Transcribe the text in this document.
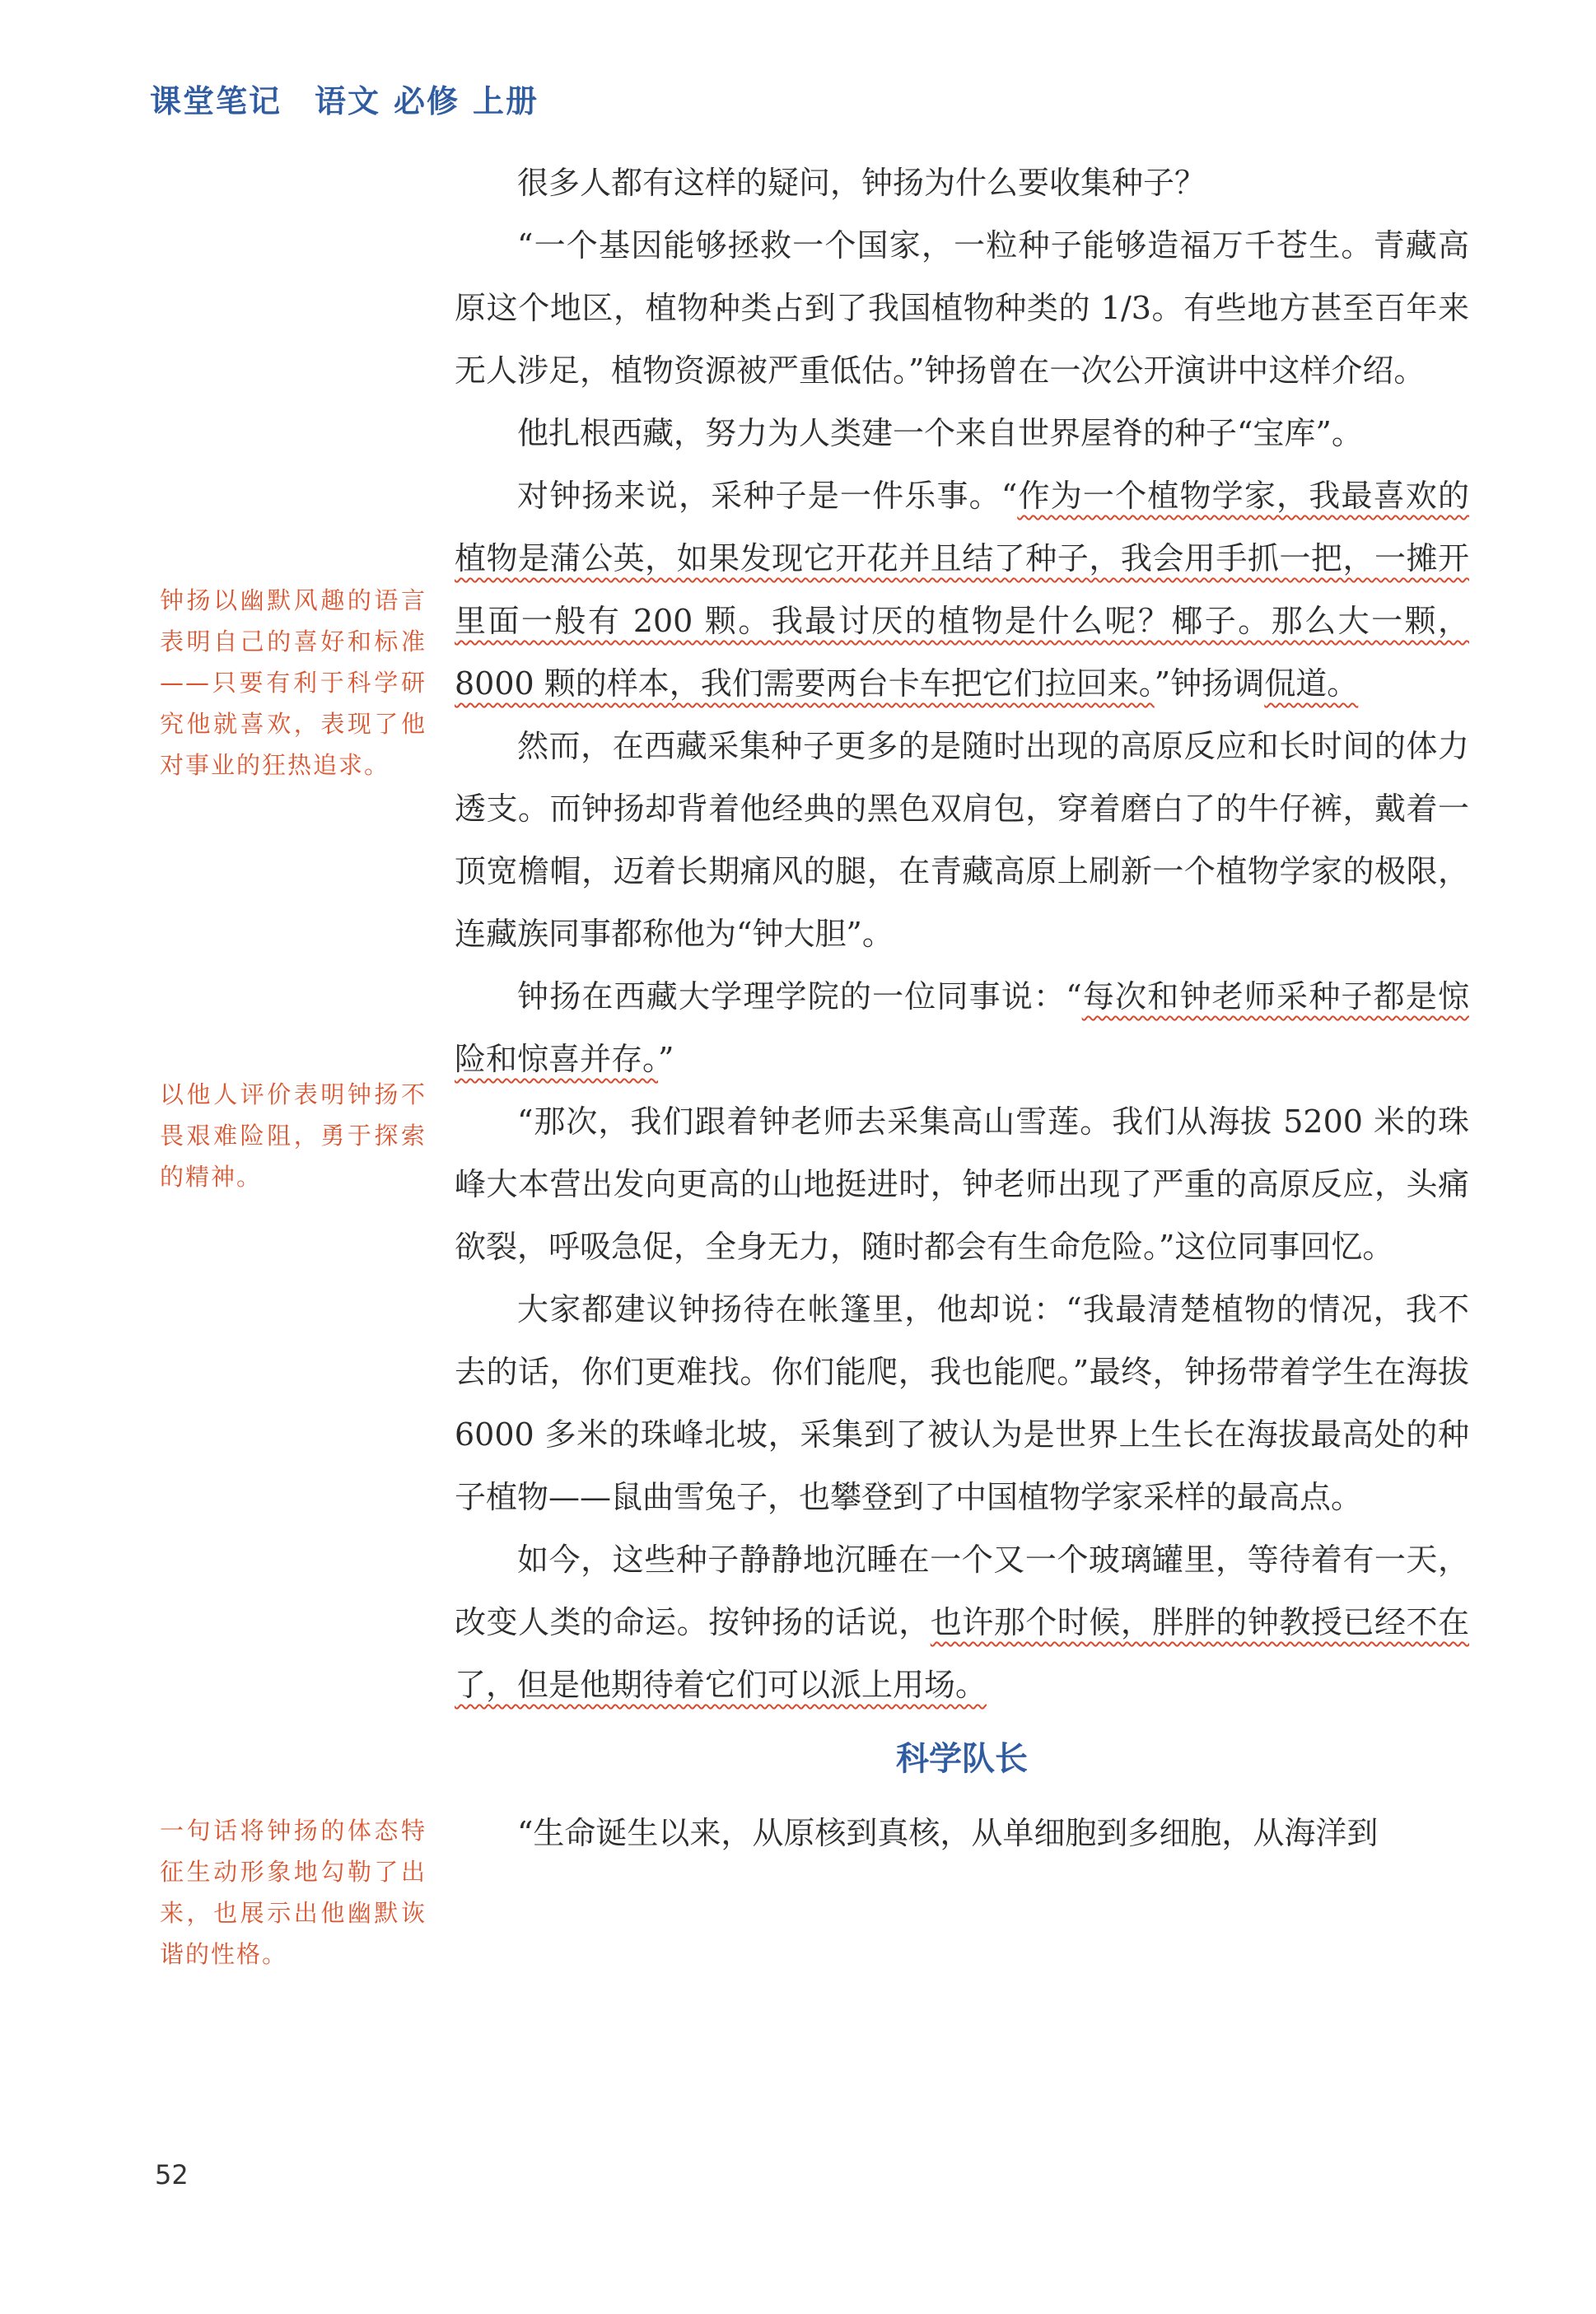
课堂笔记 语文 必修 上册

很多人都有这样的疑问，钟扬为什么要收集种子？

“一个基因能够拯救一个国家，一粒种子能够造福万千苍生。青藏高原这个地区，植物种类占到了我国植物种类的 1/3。有些地方甚至百年来无人涉足，植物资源被严重低估。”钟扬曾在一次公开演讲中这样介绍。

他扎根西藏，努力为人类建一个来自世界屋脊的种子“宝库”。

对钟扬来说，采种子是一件乐事。“作为一个植物学家，我最喜欢的植物是蒲公英，如果发现它开花并且结了种子，我会用手抓一把，一摊开里面一般有 200 颗。我最讨厌的植物是什么呢？椰子。那么大一颗，8000 颗的样本，我们需要两台卡车把它们拉回来。”钟扬调侃道。

然而，在西藏采集种子更多的是随时出现的高原反应和长时间的体力透支。而钟扬却背着他经典的黑色双肩包，穿着磨白了的牛仔裤，戴着一顶宽檐帽，迈着长期痛风的腿，在青藏高原上刷新一个植物学家的极限，连藏族同事都称他为“钟大胆”。

钟扬在西藏大学理学院的一位同事说：“每次和钟老师采种子都是惊险和惊喜并存。”

“那次，我们跟着钟老师去采集高山雪莲。我们从海拔 5200 米的珠峰大本营出发向更高的山地挺进时，钟老师出现了严重的高原反应，头痛欲裂，呼吸急促，全身无力，随时都会有生命危险。”这位同事回忆。

大家都建议钟扬待在帐篷里，他却说：“我最清楚植物的情况，我不去的话，你们更难找。你们能爬，我也能爬。”最终，钟扬带着学生在海拔 6000 多米的珠峰北坡，采集到了被认为是世界上生长在海拔最高处的种子植物——鼠曲雪兔子，也攀登到了中国植物学家采样的最高点。

如今，这些种子静静地沉睡在一个又一个玻璃罐里，等待着有一天，改变人类的命运。按钟扬的话说，也许那个时候，胖胖的钟教授已经不在了，但是他期待着它们可以派上用场。

科学队长

“生命诞生以来，从原核到真核，从单细胞到多细胞，从海洋到

钟扬以幽默风趣的语言表明自己的喜好和标准——只要有利于科学研究他就喜欢，表现了他对事业的狂热追求。
以他人评价表明钟扬不畏艰难险阻，勇于探索的精神。
一句话将钟扬的体态特征生动形象地勾勒了出来，也展示出他幽默诙谐的性格。
52
